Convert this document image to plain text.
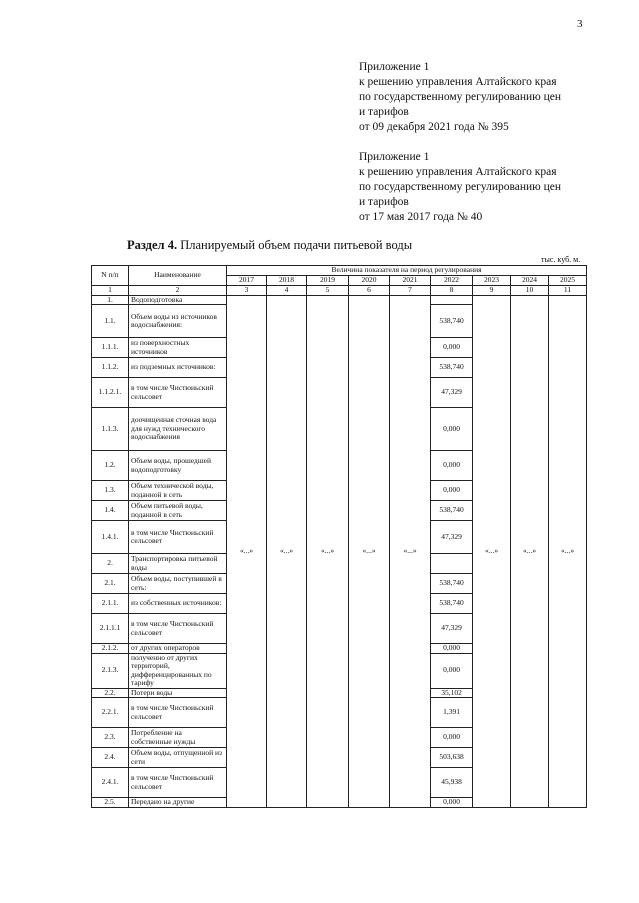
3
Приложение 1
к решению управления Алтайского края
по государственному регулированию цен
и тарифов
от 09 декабря 2021 года № 395
Приложение 1
к решению управления Алтайского края
по государственному регулированию цен
и тарифов
от 17 мая 2017 года № 40
Раздел 4. Планируемый объем подачи питьевой воды
тыс. куб. м.
N п/п	Наименование	Величина показателя на период регулирования								
		2017	2018	2019	2020	2021	2022	2023	2024	2025
1	2	3	4	5	6	7	8	9	10	11
1.	Водоподготовка	«...»	«...»	«...»	«...»	«...»		«...»	«...»	«...»
1.1.	Объем воды из источников водоснабжения:						538,740			
1.1.1.	из поверхностных источников						0,000			
1.1.2.	из подземных источников:						538,740			
1.1.2.1.	в том числе Чистюньский сельсовет						47,329			
1.1.3.	доочищенная сточная вода для нужд технического водоснабжения						0,000			
1.2.	Объем воды, прошедшей водоподготовку						0,000			
1.3.	Объем технической воды, поданной в сеть						0,000			
1.4.	Объем питьевой воды, поданной в сеть						538,740			
1.4.1.	в том числе Чистюньский сельсовет						47,329			
2.	Транспортировка питьевой воды									
2.1.	Объем воды, поступившей в сеть:						538,740			
2.1.1.	из собственных источников:						538,740			
2.1.1.1	в том числе Чистюньский сельсовет						47,329			
2.1.2.	от других операторов						0,000			
2.1.3.	полученно от других территорий, дифференцированных по тарифу						0,000			
2.2.	Потери воды						35,102			
2.2.1.	в том числе Чистюньский сельсовет						1,391			
2.3.	Потребление на собственные нужды						0,000			
2.4.	Объем воды, отпущенной из сети						503,638			
2.4.1.	в том числе Чистюньский сельсовет						45,938			
2.5.	Передано на другие						0,000			
